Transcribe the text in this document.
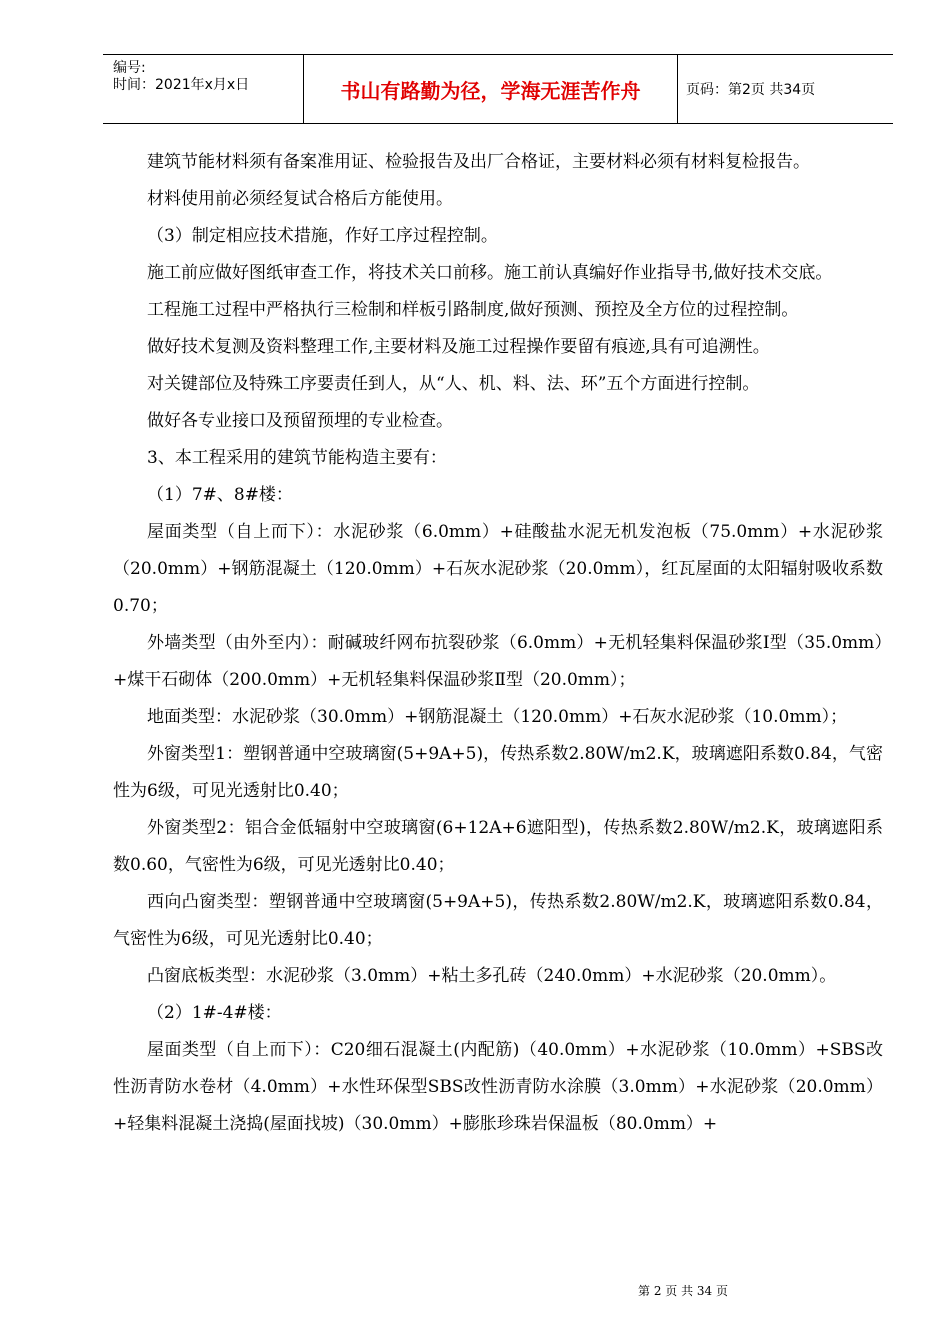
编号:
时间：2021年x月x日	书山有路勤为径，学海无涯苦作舟	页码：第2页 共34页

建筑节能材料须有备案准用证、检验报告及出厂合格证，主要材料必须有材料复检报告。

材料使用前必须经复试合格后方能使用。

（3）制定相应技术措施，作好工序过程控制。

施工前应做好图纸审查工作，将技术关口前移。施工前认真编好作业指导书,做好技术交底。

工程施工过程中严格执行三检制和样板引路制度,做好预测、预控及全方位的过程控制。

做好技术复测及资料整理工作,主要材料及施工过程操作要留有痕迹,具有可追溯性。

对关键部位及特殊工序要责任到人，从“人、机、料、法、环”五个方面进行控制。

做好各专业接口及预留预埋的专业检查。

3、本工程采用的建筑节能构造主要有：

（1）7#、8#楼：

屋面类型（自上而下）：水泥砂浆（6.0mm）+硅酸盐水泥无机发泡板（75.0mm）+水泥砂浆（20.0mm）+钢筋混凝土（120.0mm）+石灰水泥砂浆（20.0mm），红瓦屋面的太阳辐射吸收系数0.70；

外墙类型（由外至内）：耐碱玻纤网布抗裂砂浆（6.0mm）+无机轻集料保温砂浆I型（35.0mm）+煤干石砌体（200.0mm）+无机轻集料保温砂浆Ⅱ型（20.0mm）；

地面类型：水泥砂浆（30.0mm）+钢筋混凝土（120.0mm）+石灰水泥砂浆（10.0mm）；

外窗类型1：塑钢普通中空玻璃窗(5+9A+5)，传热系数2.80W/m2.K，玻璃遮阳系数0.84，气密性为6级，可见光透射比0.40；

外窗类型2：铝合金低辐射中空玻璃窗(6+12A+6遮阳型)，传热系数2.80W/m2.K，玻璃遮阳系数0.60，气密性为6级，可见光透射比0.40；

西向凸窗类型：塑钢普通中空玻璃窗(5+9A+5)，传热系数2.80W/m2.K，玻璃遮阳系数0.84，气密性为6级，可见光透射比0.40；

凸窗底板类型：水泥砂浆（3.0mm）+粘土多孔砖（240.0mm）+水泥砂浆（20.0mm）。

（2）1#-4#楼：

屋面类型（自上而下）：C20细石混凝土(内配筋)（40.0mm）+水泥砂浆（10.0mm）+SBS改性沥青防水卷材（4.0mm）+水性环保型SBS改性沥青防水涂膜（3.0mm）+水泥砂浆（20.0mm）+轻集料混凝土浇捣(屋面找坡)（30.0mm）+膨胀珍珠岩保温板（80.0mm）+

第 2 页 共 34 页
